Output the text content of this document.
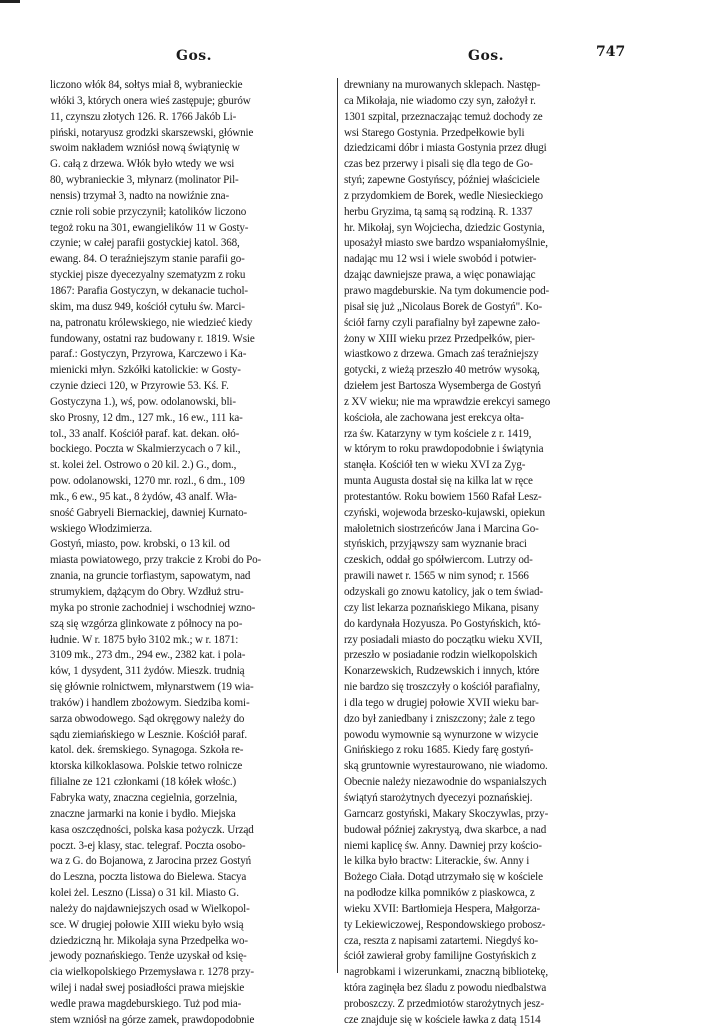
Gos.	Gos.	747
liczono włók 84, sołtys miał 8, wybranieckie
włóki 3, których onera wieś zastępuje; gburów
11, czynszu złotych 126. R. 1766 Jakób Li-
piński, notaryusz grodzki skarszewski, głównie
swoim nakładem wzniósł nową świątynię w
G. całą z drzewa. Włók było wtedy we wsi
80, wybranieckie 3, młynarz (molinator Pil-
nensis) trzymał 3, nadto na nowiźnie zna-
cznie roli sobie przyczynił; katolików liczono
tegoż roku na 301, ewangielików 11 w Gosty-
czynie; w całej parafii gostyckiej katol. 368,
ewang. 84. O teraźniejszym stanie parafii go-
styckiej pisze dyecezyalny szematyzm z roku
1867: Parafia Gostyczyn, w dekanacie tuchol-
skim, ma dusz 949, kościół cytułu św. Marci-
na, patronatu królewskiego, nie wiedzieć kiedy
fundowany, ostatni raz budowany r. 1819. Wsie
paraf.: Gostyczyn, Przyrowa, Karczewo i Ka-
mienicki młyn. Szkółki katolickie: w Gosty-
czynie dzieci 120, w Przyrowie 53. Kś. F.
Gostyczyna 1.), wś, pow. odolanowski, bli-
sko Prosny, 12 dm., 127 mk., 16 ew., 111 ka-
tol., 33 analf. Kościół paraf. kat. dekan. ołó-
bockiego. Poczta w Skalmierzycach o 7 kil.,
st. kolei żel. Ostrowo o 20 kil. 2.) G., dom.,
pow. odolanowski, 1270 mr. rozl., 6 dm., 109
mk., 6 ew., 95 kat., 8 żydów, 43 analf. Wła-
sność Gabryeli Biernackiej, dawniej Kurnato-
wskiego Włodzimierza.
Gostyń, miasto, pow. krobski, o 13 kil. od
miasta powiatowego, przy trakcie z Krobi do Po-
znania, na gruncie torfiastym, sapowatym, nad
strumykiem, dążącym do Obry. Wzdłuż stru-
myka po stronie zachodniej i wschodniej wzno-
szą się wzgórza glinkowate z północy na po-
łudnie. W r. 1875 było 3102 mk.; w r. 1871:
3109 mk., 273 dm., 294 ew., 2382 kat. i pola-
ków, 1 dysydent, 311 żydów. Mieszk. trudnią
się głównie rolnictwem, młynarstwem (19 wia-
traków) i handlem zbożowym. Siedziba komi-
sarza obwodowego. Sąd okręgowy należy do
sądu ziemiańskiego w Lesznie. Kościół paraf.
katol. dek. śremskiego. Synagoga. Szkoła re-
ktorska kilkoklasowa. Polskie tetwo rolnicze
filialne ze 121 członkami (18 kółek włośc.)
Fabryka waty, znaczna cegielnia, gorzelnia,
znaczne jarmarki na konie i bydło. Miejska
kasa oszczędności, polska kasa pożyczk. Urząd
poczt. 3-ej klasy, stac. telegraf. Poczta osobo-
wa z G. do Bojanowa, z Jarocina przez Gostyń
do Leszna, poczta listowa do Bielewa. Stacya
kolei żel. Leszno (Lissa) o 31 kil. Miasto G.
należy do najdawniejszych osad w Wielkopol-
sce. W drugiej połowie XIII wieku było wsią
dziedziczną hr. Mikołaja syna Przedpełka wo-
jewody poznańskiego. Tenże uzyskał od księ-
cia wielkopolskiego Przemysława r. 1278 przy-
wilej i nadał swej posiadłości prawa miejskie
wedle prawa magdeburskiego. Tuż pod mia-
stem wzniósł na górze zamek, prawdopodobnie
drewniany na murowanych sklepach. Następ-
ca Mikołaja, nie wiadomo czy syn, założył r.
1301 szpital, przeznaczając temuż dochody ze
wsi Starego Gostynia. Przedpełkowie byli
dziedzicami dóbr i miasta Gostynia przez długi
czas bez przerwy i pisali się dla tego de Go-
styń; zapewne Gostyńscy, później właściciele
z przydomkiem de Borek, wedle Niesieckiego
herbu Gryzima, tą samą są rodziną. R. 1337
hr. Mikołaj, syn Wojciecha, dziedzic Gostynia,
uposażył miasto swe bardzo wspaniałomyślnie,
nadając mu 12 wsi i wiele swobód i potwier-
dzając dawniejsze prawa, a więc ponawiając
prawo magdeburskie. Na tym dokumencie pod-
pisał się już „Nicolaus Borek de Gostyń". Ko-
ściół farny czyli parafialny był zapewne zało-
żony w XIII wieku przez Przedpełków, pier-
wiastkowo z drzewa. Gmach zaś teraźniejszy
gotycki, z wieżą przeszło 40 metrów wysoką,
dziełem jest Bartosza Wysemberga de Gostyń
z XV wieku; nie ma wprawdzie erekcyi samego
kościoła, ale zachowana jest erekcya ołta-
rza św. Katarzyny w tym kościele z r. 1419,
w którym to roku prawdopodobnie i świątynia
stanęła. Kościół ten w wieku XVI za Zyg-
munta Augusta dostał się na kilka lat w ręce
protestantów. Roku bowiem 1560 Rafał Lesz-
czyński, wojewoda brzesko-kujawski, opiekun
małoletnich siostrzeńców Jana i Marcina Go-
styńskich, przyjąwszy sam wyznanie braci
czeskich, oddał go spółwiercom. Lutrzy od-
prawili nawet r. 1565 w nim synod; r. 1566
odzyskali go znowu katolicy, jak o tem świad-
czy list lekarza poznańskiego Mikana, pisany
do kardynała Hozyusza. Po Gostyńskich, któ-
rzy posiadali miasto do początku wieku XVII,
przeszło w posiadanie rodzin wielkopolskich
Konarzewskich, Rudzewskich i innych, które
nie bardzo się troszczyły o kościół parafialny,
i dla tego w drugiej połowie XVII wieku bar-
dzo był zaniedbany i zniszczony; żale z tego
powodu wymownie są wynurzone w wizycie
Gnińskiego z roku 1685. Kiedy farę gostyń-
ską gruntownie wyrestaurowano, nie wiadomo.
Obecnie należy niezawodnie do wspanialszych
świątyń starożytnych dyecezyi poznańskiej.
Garncarz gostyński, Makary Skoczywlas, przy-
budował później zakrystyą, dwa skarbce, a nad
niemi kaplicę św. Anny. Dawniej przy kościo-
le kilka było bractw: Literackie, św. Anny i
Bożego Ciała. Dotąd utrzymało się w kościele
na podłodze kilka pomników z piaskowca, z
wieku XVII: Bartłomieja Hespera, Małgorza-
ty Lekiewiczowej, Respondowskiego probosz-
cza, reszta z napisami zatartemi. Niegdyś ko-
ściół zawierał groby familijne Gostyńskich z
nagrobkami i wizerunkami, znaczną bibliotekę,
która zaginęła bez śladu z powodu niedbalstwa
proboszczy. Z przedmiotów starożytnych jesz-
cze znajduje się w kościele ławka z datą 1514
